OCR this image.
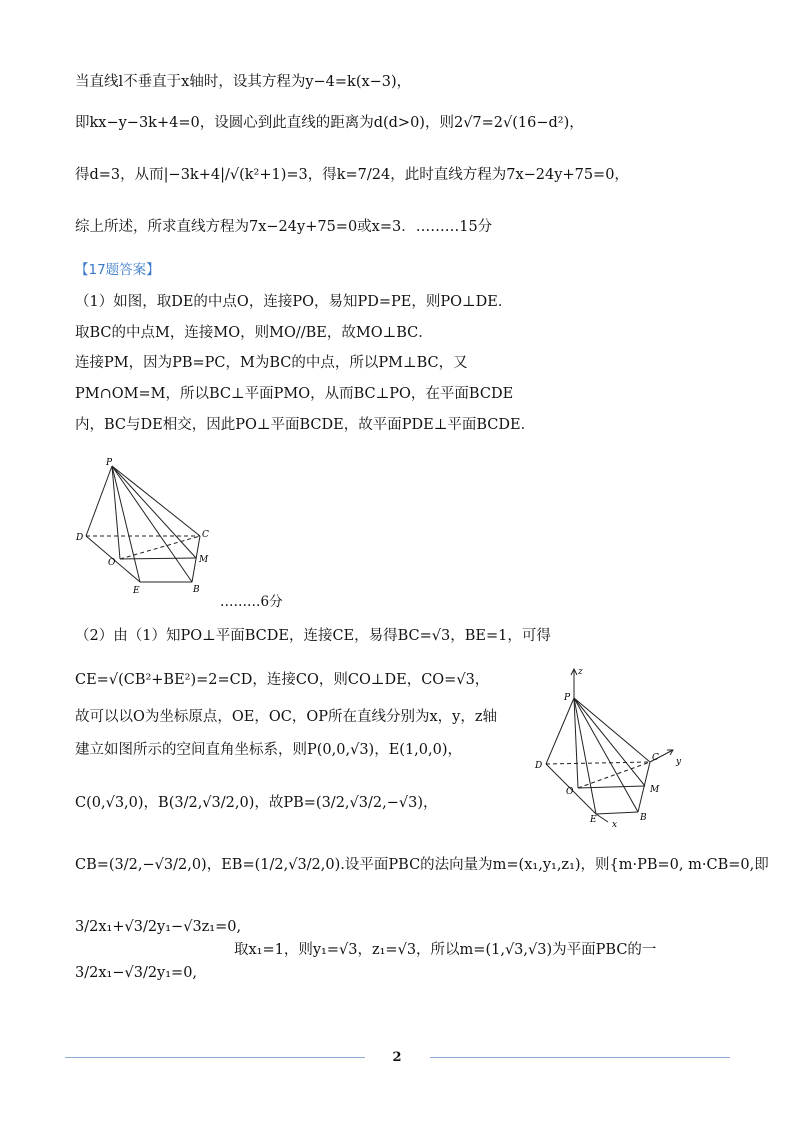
当直线l不垂直于x轴时，设其方程为y−4=k(x−3)，
即kx−y−3k+4=0，设圆心到此直线的距离为d(d>0)，则2√7=2√(16−d²)，
得d=3，从而|−3k+4|/√(k²+1)=3，得k=7/24，此时直线方程为7x−24y+75=0，
综上所述，所求直线方程为7x−24y+75=0或x=3．………15分
【17题答案】
（1）如图，取DE的中点O，连接PO，易知PD=PE，则PO⊥DE．
取BC的中点M，连接MO，则MO//BE，故MO⊥BC．
连接PM，因为PB=PC，M为BC的中点，所以PM⊥BC，又
PM∩OM=M，所以BC⊥平面PMO，从而BC⊥PO，在平面BCDE
内，BC与DE相交，因此PO⊥平面BCDE，故平面PDE⊥平面BCDE．
P
D	C
M
O
E	B
………6分
（2）由（1）知PO⊥平面BCDE，连接CE，易得BC=√3，BE=1，可得
CE=√(CB²+BE²)=2=CD，连接CO，则CO⊥DE，CO=√3，
故可以以O为坐标原点，OE，OC，OP所在直线分别为x，y，z轴
建立如图所示的空间直角坐标系，则P(0,0,√3)，E(1,0,0)，
C(0,√3,0)，B(3/2,√3/2,0)，故PB=(3/2,√3/2,−√3)，
CB=(3/2,−√3/2,0)，EB=(1/2,√3/2,0).设平面PBC的法向量为m=(x₁,y₁,z₁)，则{m·PB=0, m·CB=0,即
3/2x₁+√3/2y₁−√3z₁=0,
3/2x₁−√3/2y₁=0,
取x₁=1，则y₁=√3，z₁=√3，所以m=(1,√3,√3)为平面PBC的一
z
P
C y
D
M
O
E x
B
2
